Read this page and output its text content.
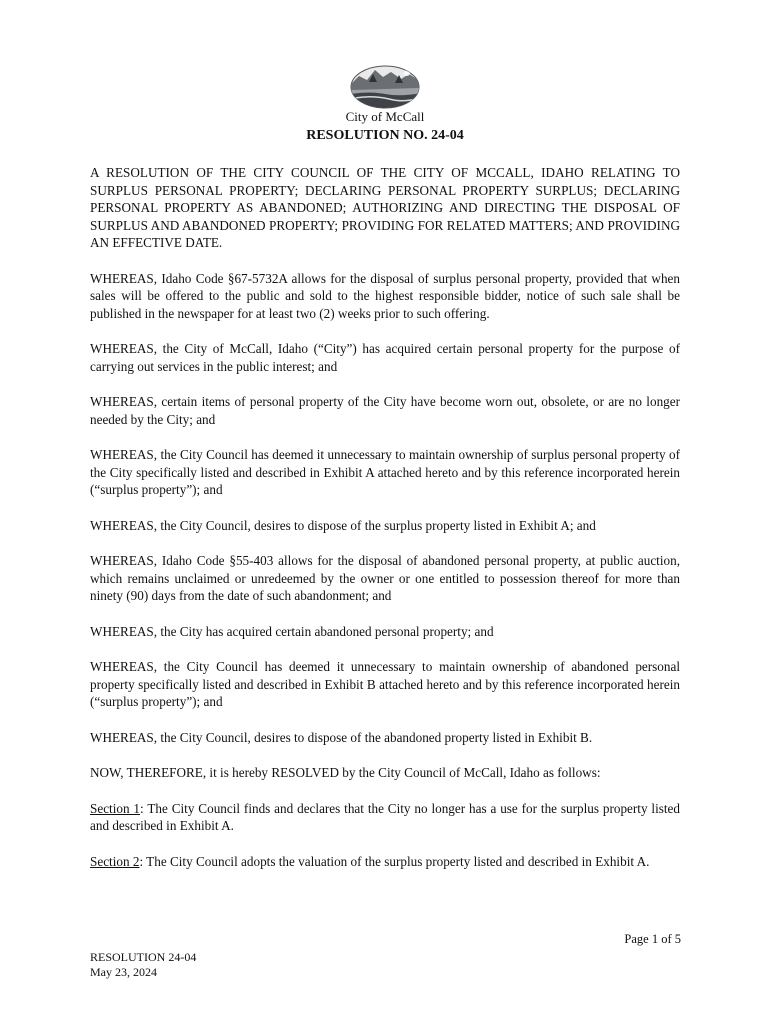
City of McCall
RESOLUTION NO. 24-04

A RESOLUTION OF THE CITY COUNCIL OF THE CITY OF MCCALL, IDAHO RELATING TO SURPLUS PERSONAL PROPERTY; DECLARING PERSONAL PROPERTY SURPLUS; DECLARING PERSONAL PROPERTY AS ABANDONED; AUTHORIZING AND DIRECTING THE DISPOSAL OF SURPLUS AND ABANDONED PROPERTY; PROVIDING FOR RELATED MATTERS; AND PROVIDING AN EFFECTIVE DATE.

WHEREAS, Idaho Code §67-5732A allows for the disposal of surplus personal property, provided that when sales will be offered to the public and sold to the highest responsible bidder, notice of such sale shall be published in the newspaper for at least two (2) weeks prior to such offering.

WHEREAS, the City of McCall, Idaho (“City”) has acquired certain personal property for the purpose of carrying out services in the public interest; and

WHEREAS, certain items of personal property of the City have become worn out, obsolete, or are no longer needed by the City; and

WHEREAS, the City Council has deemed it unnecessary to maintain ownership of surplus personal property of the City specifically listed and described in Exhibit A attached hereto and by this reference incorporated herein (“surplus property”); and

WHEREAS, the City Council, desires to dispose of the surplus property listed in Exhibit A; and

WHEREAS, Idaho Code §55-403 allows for the disposal of abandoned personal property, at public auction, which remains unclaimed or unredeemed by the owner or one entitled to possession thereof for more than ninety (90) days from the date of such abandonment; and

WHEREAS, the City has acquired certain abandoned personal property; and

WHEREAS, the City Council has deemed it unnecessary to maintain ownership of abandoned personal property specifically listed and described in Exhibit B attached hereto and by this reference incorporated herein (“surplus property”); and

WHEREAS, the City Council, desires to dispose of the abandoned property listed in Exhibit B.

NOW, THEREFORE, it is hereby RESOLVED by the City Council of McCall, Idaho as follows:

Section 1: The City Council finds and declares that the City no longer has a use for the surplus property listed and described in Exhibit A.

Section 2: The City Council adopts the valuation of the surplus property listed and described in Exhibit A.

Page 1 of 5
RESOLUTION 24-04
May 23, 2024
